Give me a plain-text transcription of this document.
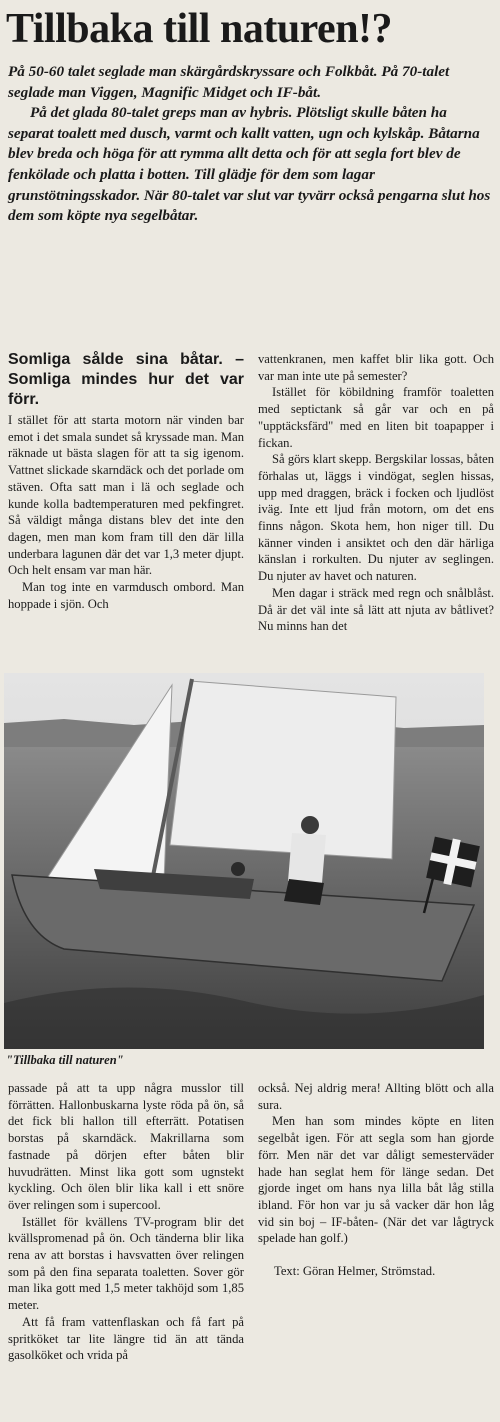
Tillbaka till naturen!?

På 50-60 talet seglade man skärgårdskryssare och Folkbåt. På 70-talet seglade man Viggen, Magnific Midget och IF-båt.

På det glada 80-talet greps man av hybris. Plötsligt skulle båten ha separat toalett med dusch, varmt och kallt vatten, ugn och kylskåp. Båtarna blev breda och höga för att rymma allt detta och för att segla fort blev de fenkölade och platta i botten. Till glädje för dem som lagar grunstötningsskador. När 80-talet var slut var tyvärr också pengarna slut hos dem som köpte nya segelbåtar.

Somliga sålde sina båtar. – Somliga mindes hur det var förr.

I stället för att starta motorn när vinden bar emot i det smala sundet så kryssade man. Man räknade ut bästa slagen för att ta sig igenom. Vattnet slickade skarndäck och det porlade om stäven. Ofta satt man i lä och seglade och kunde kolla badtemperaturen med pekfingret. Så väldigt många distans blev det inte den dagen, men man kom fram till den där lilla underbara lagunen där det var 1,3 meter djupt. Och helt ensam var man här.

Man tog inte en varmdusch ombord. Man hoppade i sjön. Och

vattenkranen, men kaffet blir lika gott. Och var man inte ute på semester?

Istället för köbildning framför toaletten med septictank så går var och en på "upptäcksfärd" med en liten bit toapapper i fickan.

Så görs klart skepp. Bergskilar lossas, båten förhalas ut, läggs i vindögat, seglen hissas, upp med draggen, bräck i focken och ljudlöst iväg. Inte ett ljud från motorn, om det ens finns någon. Skota hem, hon niger till. Du känner vinden i ansiktet och den där härliga känslan i rorkulten. Du njuter av seglingen. Du njuter av havet och naturen.

Men dagar i sträck med regn och snålblåst. Då är det väl inte så lätt att njuta av båtlivet? Nu minns han det

"Tillbaka till naturen"

passade på att ta upp några musslor till förrätten. Hallonbuskarna lyste röda på ön, så det fick bli hallon till efterrätt. Potatisen borstas på skarndäck. Makrillarna som fastnade på dörjen efter båten blir huvudrätten. Minst lika gott som ugnstekt kyckling. Och ölen blir lika kall i ett snöre över relingen som i supercool.

Istället för kvällens TV-program blir det kvällspromenad på ön. Och tänderna blir lika rena av att borstas i havsvatten över relingen som på den fina separata toaletten. Sover gör man lika gott med 1,5 meter takhöjd som 1,85 meter.

Att få fram vattenflaskan och få fart på spritköket tar lite längre tid än att tända gasolköket och vrida på

också. Nej aldrig mera! Allting blött och alla sura.

Men han som mindes köpte en liten segelbåt igen. För att segla som han gjorde förr. Men när det var dåligt semesterväder hade han seglat hem för länge sedan. Det gjorde inget om hans nya lilla båt låg stilla ibland. För hon var ju så vacker där hon låg vid sin boj – IF-båten- (När det var lågtryck spelade han golf.)

Text: Göran Helmer, Strömstad.
